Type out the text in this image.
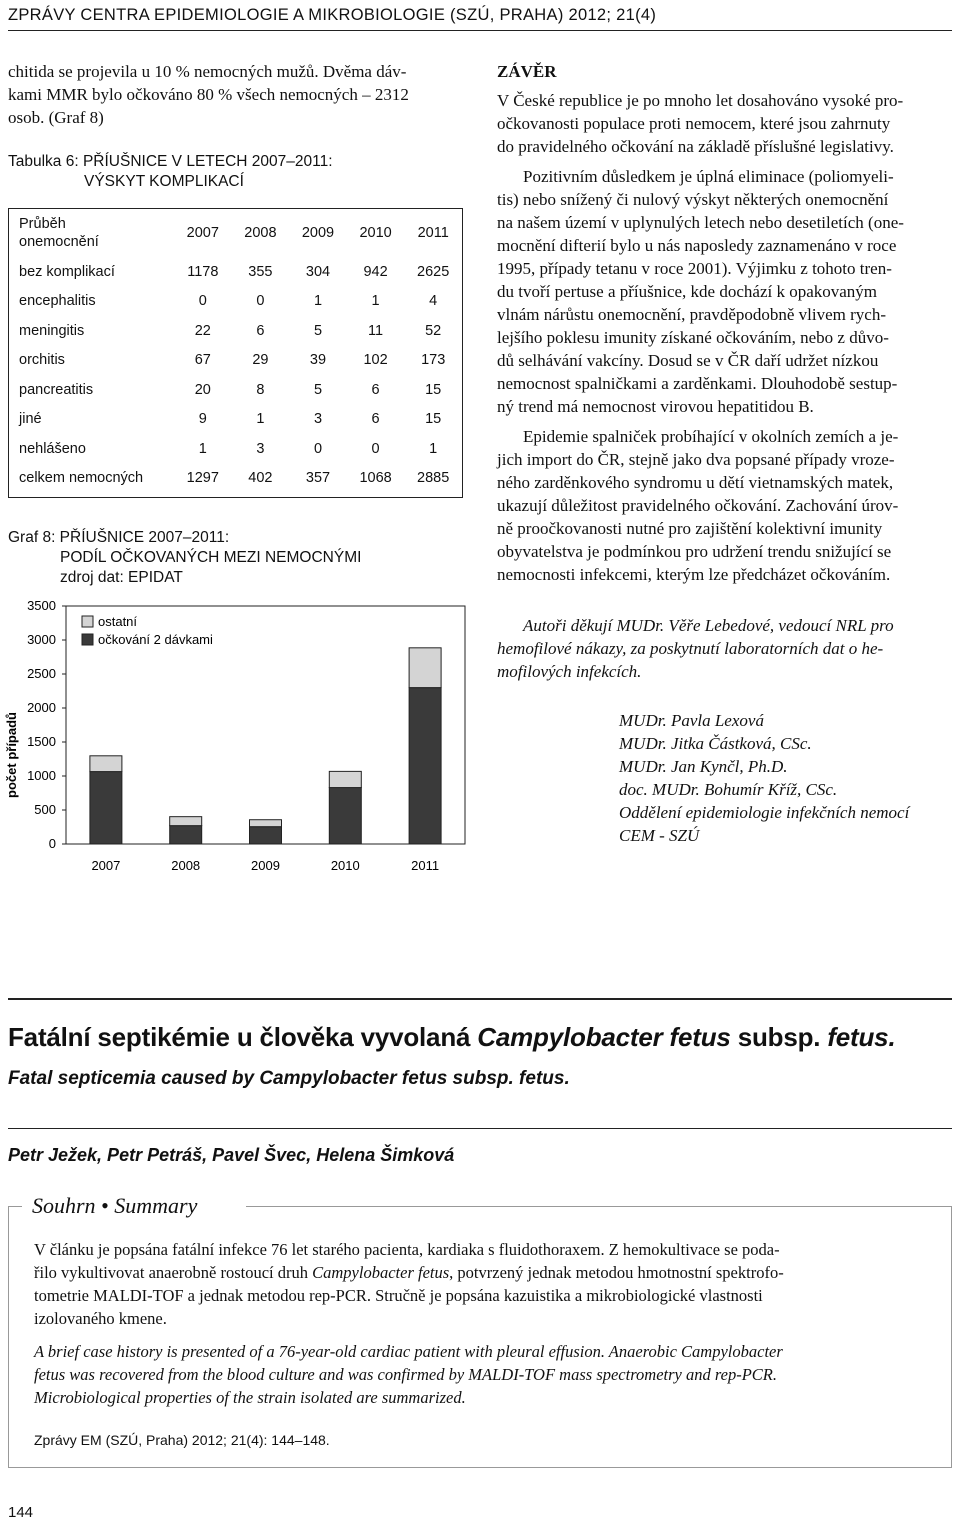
ZPRÁVY CENTRA EPIDEMIOLOGIE A MIKROBIOLOGIE (SZÚ, PRAHA) 2012; 21(4)
chitida se projevila u 10 % nemocných mužů. Dvěma dáv-
kami MMR bylo očkováno 80 % všech nemocných – 2312
osob. (Graf 8)
Tabulka 6: PŘÍUŠNICE V LETECH 2007–2011:
VÝSKYT KOMPLIKACÍ
Průběh
onemocnění	2007	2008	2009	2010	2011
bez komplikací	1178	355	304	942	2625
encephalitis	0	0	1	1	4
meningitis	22	6	5	11	52
orchitis	67	29	39	102	173
pancreatitis	20	8	5	6	15
jiné	9	1	3	6	15
nehlášeno	1	3	0	0	1
celkem nemocných	1297	402	357	1068	2885
Graf 8: PŘÍUŠNICE 2007–2011:
PODÍL OČKOVANÝCH MEZI NEMOCNÝMI
zdroj dat: EPIDAT
0
500
1000
1500
2000
2500
3000
3500
počet případů
2007	2008	2009	2010	2011
ostatní
očkování 2 dávkami
ZÁVĚR
V České republice je po mnoho let dosahováno vysoké pro-
očkovanosti populace proti nemocem, které jsou zahrnuty
do pravidelného očkování na základě příslušné legislativy.
Pozitivním důsledkem je úplná eliminace (poliomyeli-
tis) nebo snížený či nulový výskyt některých onemocnění
na našem území v uplynulých letech nebo desetiletích (one-
mocnění difterií bylo u nás naposledy zaznamenáno v roce
1995, případy tetanu v roce 2001). Výjimku z tohoto tren-
du tvoří pertuse a příušnice, kde dochází k opakovaným
vlnám nárůstu onemocnění, pravděpodobně vlivem rych-
lejšího poklesu imunity získané očkováním, nebo z důvo-
dů selhávání vakcíny. Dosud se v ČR daří udržet nízkou
nemocnost spalničkami a zarděnkami. Dlouhodobě sestup-
ný trend má nemocnost virovou hepatitidou B.
Epidemie spalniček probíhající v okolních zemích a je-
jich import do ČR, stejně jako dva popsané případy vroze-
ného zarděnkového syndromu u dětí vietnamských matek,
ukazují důležitost pravidelného očkování. Zachování úrov-
ně proočkovanosti nutné pro zajištění kolektivní imunity
obyvatelstva je podmínkou pro udržení trendu snižující se
nemocnosti infekcemi, kterým lze předcházet očkováním.
Autoři děkují MUDr. Věře Lebedové, vedoucí NRL pro
hemofilové nákazy, za poskytnutí laboratorních dat o he-
mofilových infekcích.
MUDr. Pavla Lexová
MUDr. Jitka Částková, CSc.
MUDr. Jan Kynčl, Ph.D.
doc. MUDr. Bohumír Kříž, CSc.
Oddělení epidemiologie infekčních nemocí
CEM - SZÚ
Fatální septikémie u člověka vyvolaná Campylobacter fetus subsp. fetus.
Fatal septicemia caused by Campylobacter fetus subsp. fetus.
Petr Ježek, Petr Petráš, Pavel Švec, Helena Šimková
Souhrn • Summary
V článku je popsána fatální infekce 76 let starého pacienta, kardiaka s fluidothoraxem. Z hemokultivace se poda-
řilo vykultivovat anaerobně rostoucí druh Campylobacter fetus, potvrzený jednak metodou hmotnostní spektrofo-
tometrie MALDI-TOF a jednak metodou rep-PCR. Stručně je popsána kazuistika a mikrobiologické vlastnosti
izolovaného kmene.
A brief case history is presented of a 76-year-old cardiac patient with pleural effusion. Anaerobic Campylobacter
fetus was recovered from the blood culture and was confirmed by MALDI-TOF mass spectrometry and rep-PCR.
Microbiological properties of the strain isolated are summarized.
Zprávy EM (SZÚ, Praha) 2012; 21(4): 144–148.
144
